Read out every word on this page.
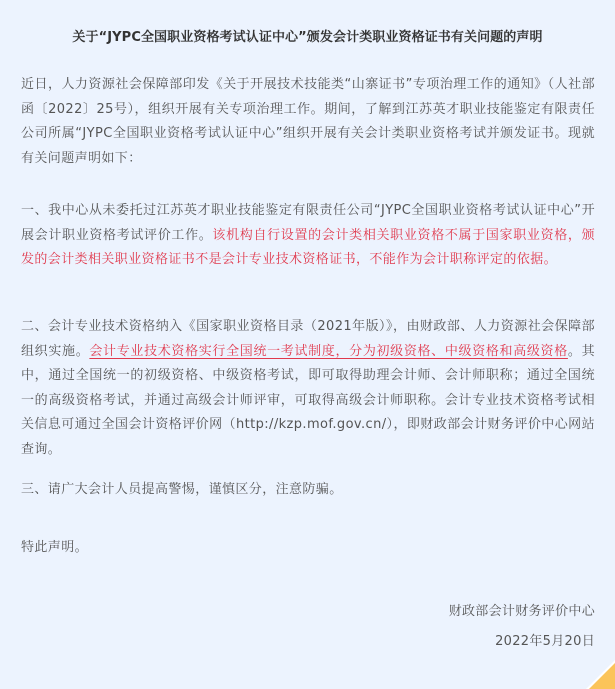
关于“JYPC全国职业资格考试认证中心”颁发会计类职业资格证书有关问题的声明

近日，人力资源社会保障部印发《关于开展技术技能类“山寨证书”专项治理工作的通知》（人社部函〔2022〕25号），组织开展有关专项治理工作。期间，了解到江苏英才职业技能鉴定有限责任公司所属“JYPC全国职业资格考试认证中心”组织开展有关会计类职业资格考试并颁发证书。现就有关问题声明如下：

一、我中心从未委托过江苏英才职业技能鉴定有限责任公司“JYPC全国职业资格考试认证中心”开展会计职业资格考试评价工作。该机构自行设置的会计类相关职业资格不属于国家职业资格，颁发的会计类相关职业资格证书不是会计专业技术资格证书，不能作为会计职称评定的依据。

二、会计专业技术资格纳入《国家职业资格目录（2021年版）》，由财政部、人力资源社会保障部组织实施。会计专业技术资格实行全国统一考试制度，分为初级资格、中级资格和高级资格。其中，通过全国统一的初级资格、中级资格考试，即可取得助理会计师、会计师职称；通过全国统一的高级资格考试，并通过高级会计师评审，可取得高级会计师职称。会计专业技术资格考试相关信息可通过全国会计资格评价网（http://kzp.mof.gov.cn/），即财政部会计财务评价中心网站查询。

三、请广大会计人员提高警惕，谨慎区分，注意防骗。

特此声明。

财政部会计财务评价中心
2022年5月20日
